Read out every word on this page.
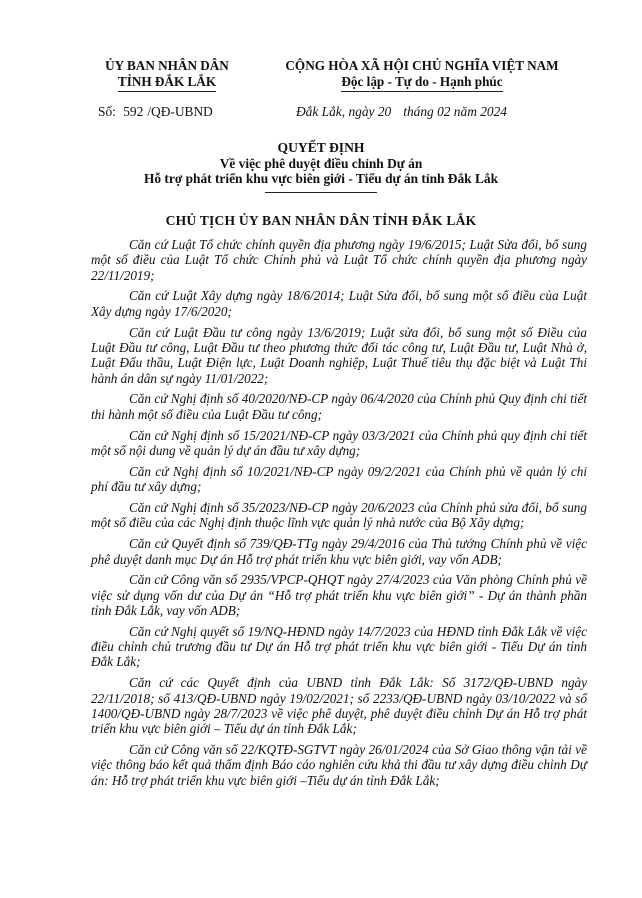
ỦY BAN NHÂN DÂN
TỈNH ĐẮK LẮK
CỘNG HÒA XÃ HỘI CHỦ NGHĨA VIỆT NAM
Độc lập - Tự do - Hạnh phúc
Số: 592 /QĐ-UBND	Đắk Lắk, ngày 20 tháng 02 năm 2024
QUYẾT ĐỊNH
Về việc phê duyệt điều chỉnh Dự án
Hỗ trợ phát triển khu vực biên giới - Tiểu dự án tỉnh Đắk Lắk
CHỦ TỊCH ỦY BAN NHÂN DÂN TỈNH ĐẮK LẮK

Căn cứ Luật Tổ chức chính quyền địa phương ngày 19/6/2015; Luật Sửa đổi, bổ sung một số điều của Luật Tổ chức Chính phủ và Luật Tổ chức chính quyền địa phương ngày 22/11/2019;

Căn cứ Luật Xây dựng ngày 18/6/2014; Luật Sửa đổi, bổ sung một số điều của Luật Xây dựng ngày 17/6/2020;

Căn cứ Luật Đầu tư công ngày 13/6/2019; Luật sửa đổi, bổ sung một số Điều của Luật Đầu tư công, Luật Đầu tư theo phương thức đối tác công tư, Luật Đầu tư, Luật Nhà ở, Luật Đấu thầu, Luật Điện lực, Luật Doanh nghiệp, Luật Thuế tiêu thụ đặc biệt và Luật Thi hành án dân sự ngày 11/01/2022;

Căn cứ Nghị định số 40/2020/NĐ-CP ngày 06/4/2020 của Chính phủ Quy định chi tiết thi hành một số điều của Luật Đầu tư công;

Căn cứ Nghị định số 15/2021/NĐ-CP ngày 03/3/2021 của Chính phủ quy định chi tiết một số nội dung về quản lý dự án đầu tư xây dựng;

Căn cứ Nghị định số 10/2021/NĐ-CP ngày 09/2/2021 của Chính phủ về quản lý chi phí đầu tư xây dựng;

Căn cứ Nghị định số 35/2023/NĐ-CP ngày 20/6/2023 của Chính phủ sửa đổi, bổ sung một số điều của các Nghị định thuộc lĩnh vực quản lý nhà nước của Bộ Xây dựng;

Căn cứ Quyết định số 739/QĐ-TTg ngày 29/4/2016 của Thủ tướng Chính phủ về việc phê duyệt danh mục Dự án Hỗ trợ phát triển khu vực biên giới, vay vốn ADB;

Căn cứ Công văn số 2935/VPCP-QHQT ngày 27/4/2023 của Văn phòng Chính phủ về việc sử dụng vốn dư của Dự án “Hỗ trợ phát triển khu vực biên giới” - Dự án thành phần tỉnh Đắk Lắk, vay vốn ADB;

Căn cứ Nghị quyết số 19/NQ-HĐND ngày 14/7/2023 của HĐND tỉnh Đắk Lắk về việc điều chỉnh chủ trương đầu tư Dự án Hỗ trợ phát triển khu vực biên giới - Tiểu Dự án tỉnh Đắk Lắk;

Căn cứ các Quyết định của UBND tỉnh Đắk Lắk: Số 3172/QĐ-UBND ngày 22/11/2018; số 413/QĐ-UBND ngày 19/02/2021; số 2233/QĐ-UBND ngày 03/10/2022 và số 1400/QĐ-UBND ngày 28/7/2023 về việc phê duyệt, phê duyệt điều chỉnh Dự án Hỗ trợ phát triển khu vực biên giới – Tiểu dự án tỉnh Đắk Lắk;

Căn cứ Công văn số 22/KQTĐ-SGTVT ngày 26/01/2024 của Sở Giao thông vận tải về việc thông báo kết quả thẩm định Báo cáo nghiên cứu khả thi đầu tư xây dựng điều chỉnh Dự án: Hỗ trợ phát triển khu vực biên giới –Tiểu dự án tỉnh Đắk Lắk;
